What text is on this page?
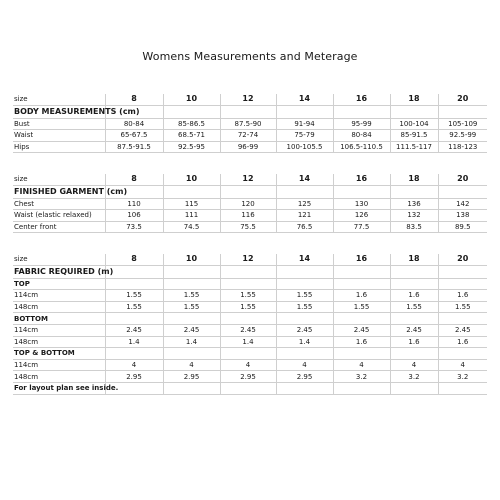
Womens Measurements and Meterage
size	8	10	12	14	16	18	20
BODY MEASUREMENTS (cm)							
Bust	80-84	85-86.5	87.5-90	91-94	95-99	100-104	105-109
Waist	65-67.5	68.5-71	72-74	75-79	80-84	85-91.5	92.5-99
Hips	87.5-91.5	92.5-95	96-99	100-105.5	106.5-110.5	111.5-117	118-123
size	8	10	12	14	16	18	20
FINISHED GARMENT (cm)							
Chest	110	115	120	125	130	136	142
Waist (elastic relaxed)	106	111	116	121	126	132	138
Center front	73.5	74.5	75.5	76.5	77.5	83.5	89.5
size	8	10	12	14	16	18	20
FABRIC REQUIRED (m)							
TOP							
114cm	1.55	1.55	1.55	1.55	1.6	1.6	1.6
148cm	1.55	1.55	1.55	1.55	1.55	1.55	1.55
BOTTOM							
114cm	2.45	2.45	2.45	2.45	2.45	2.45	2.45
148cm	1.4	1.4	1.4	1.4	1.6	1.6	1.6
TOP & BOTTOM							
114cm	4	4	4	4	4	4	4
148cm	2.95	2.95	2.95	2.95	3.2	3.2	3.2
For layout plan see inside.							
